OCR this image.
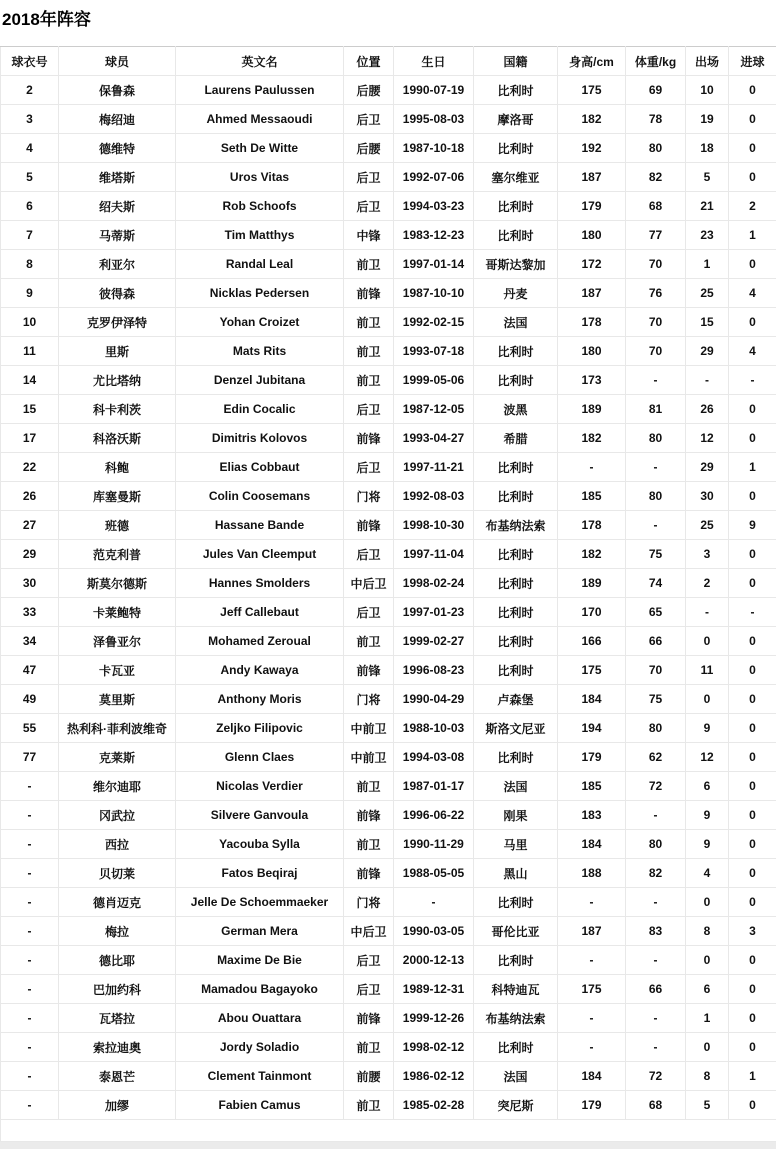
2018年阵容
球衣号	球员	英文名	位置	生日	国籍	身高/cm	体重/kg	出场	进球
2	保鲁森	Laurens Paulussen	后腰	1990-07-19	比利时	175	69	10	0
3	梅绍迪	Ahmed Messaoudi	后卫	1995-08-03	摩洛哥	182	78	19	0
4	德维特	Seth De Witte	后腰	1987-10-18	比利时	192	80	18	0
5	维塔斯	Uros Vitas	后卫	1992-07-06	塞尔维亚	187	82	5	0
6	绍夫斯	Rob Schoofs	后卫	1994-03-23	比利时	179	68	21	2
7	马蒂斯	Tim Matthys	中锋	1983-12-23	比利时	180	77	23	1
8	利亚尔	Randal Leal	前卫	1997-01-14	哥斯达黎加	172	70	1	0
9	彼得森	Nicklas Pedersen	前锋	1987-10-10	丹麦	187	76	25	4
10	克罗伊泽特	Yohan Croizet	前卫	1992-02-15	法国	178	70	15	0
11	里斯	Mats Rits	前卫	1993-07-18	比利时	180	70	29	4
14	尤比塔纳	Denzel Jubitana	前卫	1999-05-06	比利时	173	-	-	-
15	科卡利茨	Edin Cocalic	后卫	1987-12-05	波黑	189	81	26	0
17	科洛沃斯	Dimitris Kolovos	前锋	1993-04-27	希腊	182	80	12	0
22	科鲍	Elias Cobbaut	后卫	1997-11-21	比利时	-	-	29	1
26	库塞曼斯	Colin Coosemans	门将	1992-08-03	比利时	185	80	30	0
27	班德	Hassane Bande	前锋	1998-10-30	布基纳法索	178	-	25	9
29	范克利普	Jules Van Cleemput	后卫	1997-11-04	比利时	182	75	3	0
30	斯莫尔德斯	Hannes Smolders	中后卫	1998-02-24	比利时	189	74	2	0
33	卡莱鲍特	Jeff Callebaut	后卫	1997-01-23	比利时	170	65	-	-
34	泽鲁亚尔	Mohamed Zeroual	前卫	1999-02-27	比利时	166	66	0	0
47	卡瓦亚	Andy Kawaya	前锋	1996-08-23	比利时	175	70	11	0
49	莫里斯	Anthony Moris	门将	1990-04-29	卢森堡	184	75	0	0
55	热利科·菲利波维奇	Zeljko Filipovic	中前卫	1988-10-03	斯洛文尼亚	194	80	9	0
77	克莱斯	Glenn Claes	中前卫	1994-03-08	比利时	179	62	12	0
-	维尔迪耶	Nicolas Verdier	前卫	1987-01-17	法国	185	72	6	0
-	冈武拉	Silvere Ganvoula	前锋	1996-06-22	刚果	183	-	9	0
-	西拉	Yacouba Sylla	前卫	1990-11-29	马里	184	80	9	0
-	贝切莱	Fatos Beqiraj	前锋	1988-05-05	黑山	188	82	4	0
-	德肖迈克	Jelle De Schoemmaeker	门将	-	比利时	-	-	0	0
-	梅拉	German Mera	中后卫	1990-03-05	哥伦比亚	187	83	8	3
-	德比耶	Maxime De Bie	后卫	2000-12-13	比利时	-	-	0	0
-	巴加约科	Mamadou Bagayoko	后卫	1989-12-31	科特迪瓦	175	66	6	0
-	瓦塔拉	Abou Ouattara	前锋	1999-12-26	布基纳法索	-	-	1	0
-	索拉迪奥	Jordy Soladio	前卫	1998-02-12	比利时	-	-	0	0
-	泰恩芒	Clement Tainmont	前腰	1986-02-12	法国	184	72	8	1
-	加缪	Fabien Camus	前卫	1985-02-28	突尼斯	179	68	5	0
